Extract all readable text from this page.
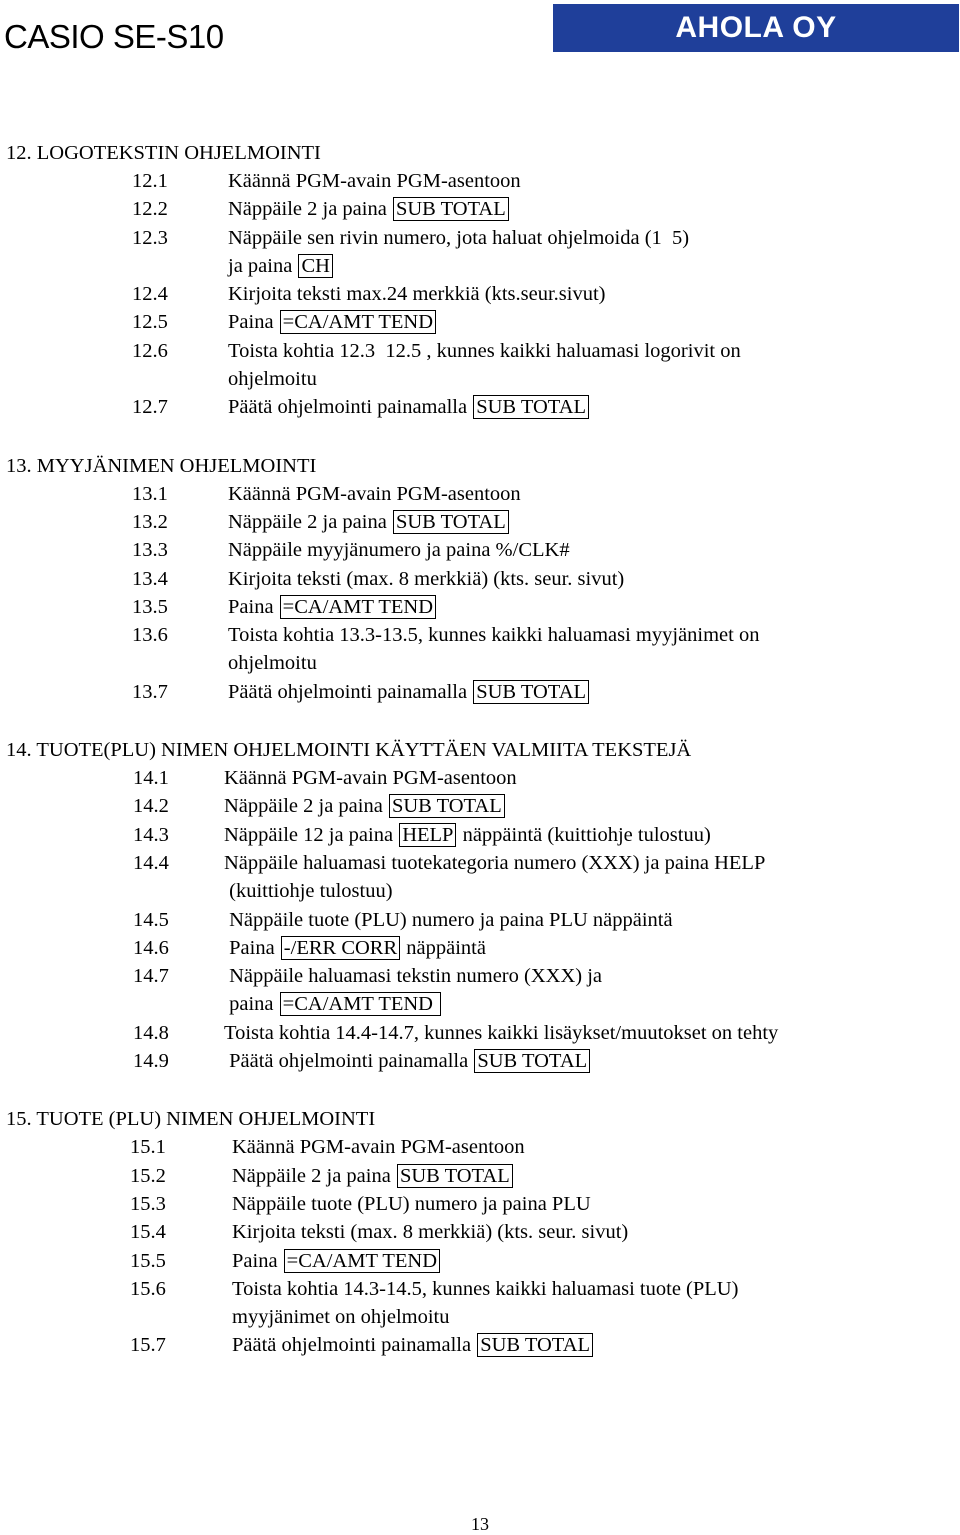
CASIO SE-S10	AHOLA OY
12. LOGOTEKSTIN OHJELMOINTI
12.1	Käännä PGM-avain PGM-asentoon
12.2	Näppäile 2 ja paina SUB TOTAL
12.3	Näppäile sen rivin numero, jota haluat ohjelmoida (1  5)
ja paina CH
12.4	Kirjoita teksti max.24 merkkiä (kts.seur.sivut)
12.5	Paina =CA/AMT TEND
12.6	Toista kohtia 12.3  12.5 , kunnes kaikki haluamasi logorivit on
ohjelmoitu
12.7	Päätä ohjelmointi painamalla SUB TOTAL
13. MYYJÄNIMEN OHJELMOINTI
13.1	Käännä PGM-avain PGM-asentoon
13.2	Näppäile 2 ja paina SUB TOTAL
13.3	Näppäile myyjänumero ja paina %/CLK#
13.4	Kirjoita teksti (max. 8 merkkiä) (kts. seur. sivut)
13.5	Paina =CA/AMT TEND
13.6	Toista kohtia 13.3-13.5, kunnes kaikki haluamasi myyjänimet on
ohjelmoitu
13.7	Päätä ohjelmointi painamalla SUB TOTAL
14. TUOTE(PLU) NIMEN OHJELMOINTI KÄYTTÄEN VALMIITA TEKSTEJÄ
14.1	Käännä PGM-avain PGM-asentoon
14.2	Näppäile 2 ja paina SUB TOTAL
14.3	Näppäile 12 ja paina HELP näppäintä (kuittiohje tulostuu)
14.4	Näppäile haluamasi tuotekategoria numero (XXX) ja paina HELP
(kuittiohje tulostuu)
14.5	Näppäile tuote (PLU) numero ja paina PLU näppäintä
14.6	Paina -/ERR CORR näppäintä
14.7	Näppäile haluamasi tekstin numero (XXX) ja
paina =CA/AMT TEND
14.8	Toista kohtia 14.4-14.7, kunnes kaikki lisäykset/muutokset on tehty
14.9	Päätä ohjelmointi painamalla SUB TOTAL
15. TUOTE (PLU) NIMEN OHJELMOINTI
15.1	Käännä PGM-avain PGM-asentoon
15.2	Näppäile 2 ja paina SUB TOTAL
15.3	Näppäile tuote (PLU) numero ja paina PLU
15.4	Kirjoita teksti (max. 8 merkkiä) (kts. seur. sivut)
15.5	Paina =CA/AMT TEND
15.6	Toista kohtia 14.3-14.5, kunnes kaikki haluamasi tuote (PLU)
myyjänimet on ohjelmoitu
15.7	Päätä ohjelmointi painamalla SUB TOTAL
13
